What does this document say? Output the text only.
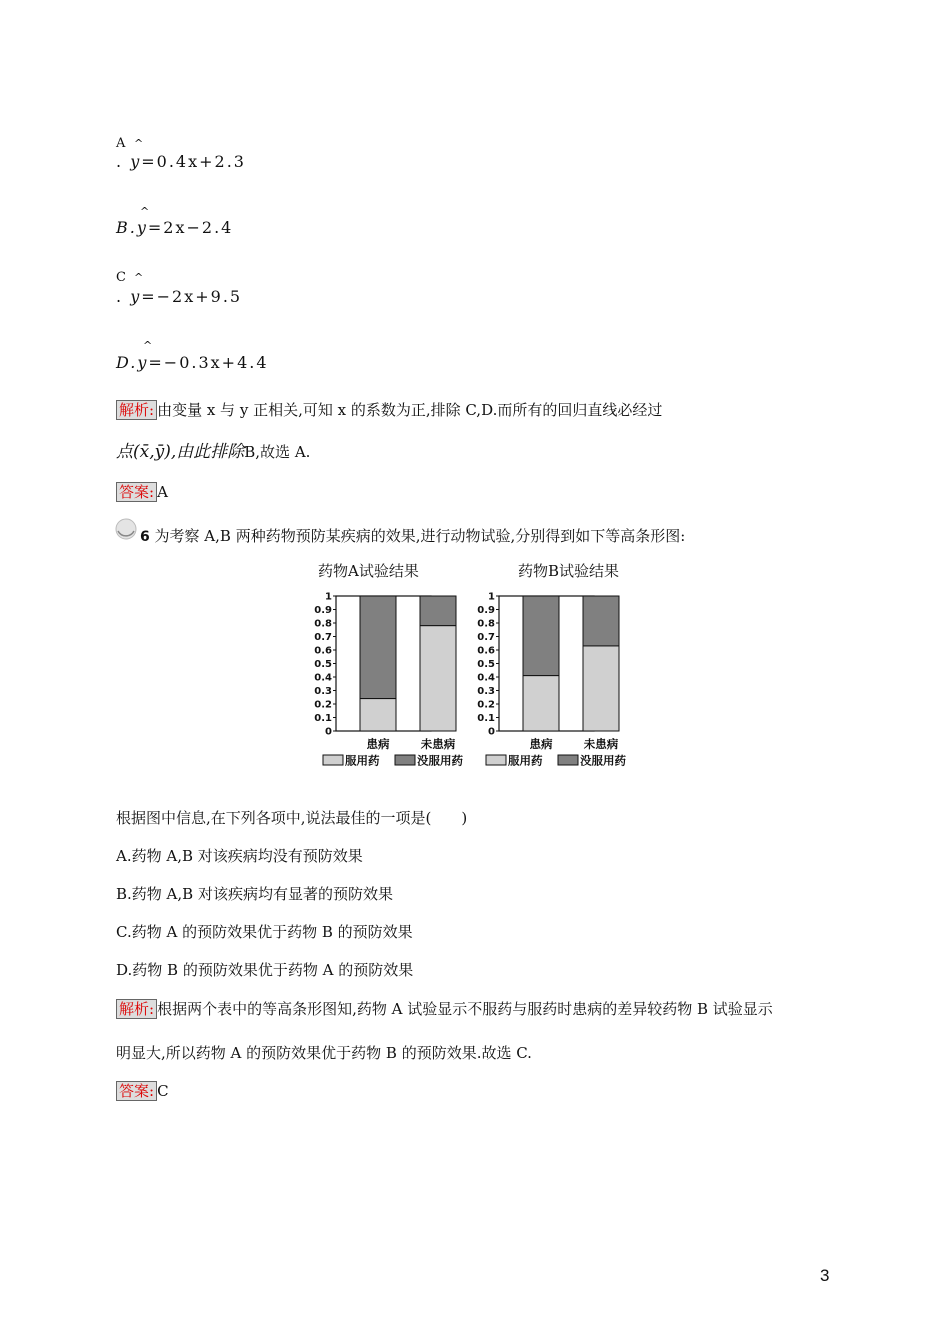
A ^
. y=0.4x+2.3
^
B.y=2x−2.4
C ^
. y=−2x+9.5
^
D.y=−0.3x+4.4
解析: 由变量 x 与 y 正相关,可知 x 的系数为正,排除 C,D.而所有的回归直线必经过
点(x̄,ȳ),由此排除B,故选 A.
答案: A
6 为考察 A,B 两种药物预防某疾病的效果,进行动物试验,分别得到如下等高条形图:
药物A试验结果	药物B试验结果
1
0.9
0.8
0.7
0.6
0.5
0.4
0.3
0.2
0.1
0
患病	未患病
服用药	没服用药
1
0.9
0.8
0.7
0.6
0.5
0.4
0.3
0.2
0.1
0
患病	未患病
服用药	没服用药
根据图中信息,在下列各项中,说法最佳的一项是(　　)
A.药物 A,B 对该疾病均没有预防效果
B.药物 A,B 对该疾病均有显著的预防效果
C.药物 A 的预防效果优于药物 B 的预防效果
D.药物 B 的预防效果优于药物 A 的预防效果
解析: 根据两个表中的等高条形图知,药物 A 试验显示不服药与服药时患病的差异较药物 B 试验显示
明显大,所以药物 A 的预防效果优于药物 B 的预防效果.故选 C.
答案: C
3
